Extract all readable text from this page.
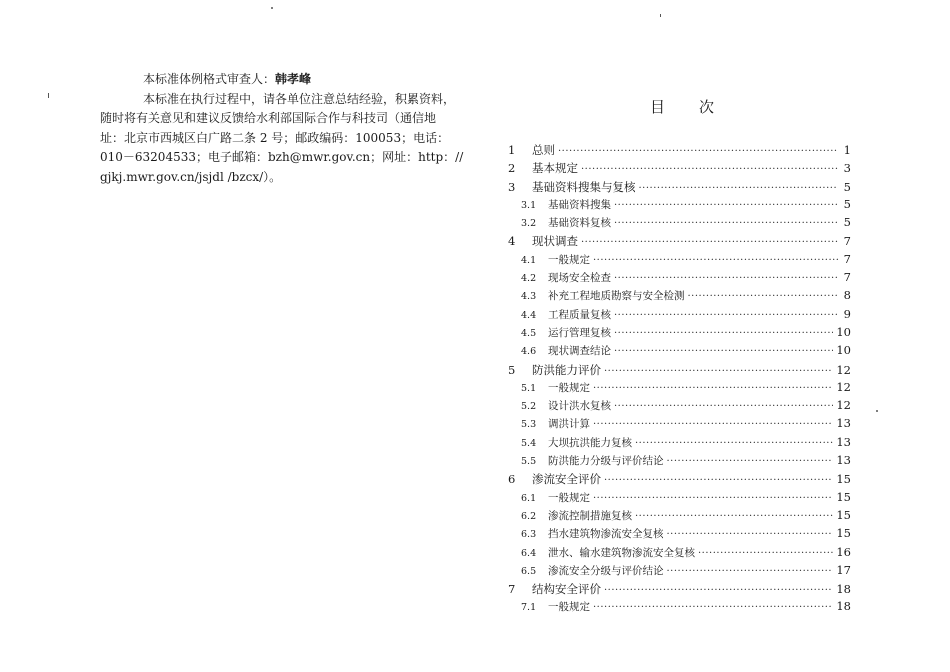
本标准体例格式审查人：韩孝峰
本标准在执行过程中，请各单位注意总结经验，积累资料，
随时将有关意见和建议反馈给水利部国际合作与科技司（通信地
址：北京市西城区白广路二条 2 号；邮政编码：100053；电话：
010－63204533；电子邮箱：bzh@mwr.gov.cn；网址：http：//
gjkj.mwr.gov.cn/jsjdl /bzcx/）。
目次
1	总则 ·····	1
2	基本规定 ·····	3
3	基础资料搜集与复核 ·····	5
3.1	基础资料搜集 ·····	5
3.2	基础资料复核 ·····	5
4	现状调查 ·····	7
4.1	一般规定 ·····	7
4.2	现场安全检查 ·····	7
4.3	补充工程地质勘察与安全检测 ·····	8
4.4	工程质量复核 ·····	9
4.5	运行管理复核 ·····	10
4.6	现状调查结论 ·····	10
5	防洪能力评价 ·····	12
5.1	一般规定 ·····	12
5.2	设计洪水复核 ·····	12
5.3	调洪计算 ·····	13
5.4	大坝抗洪能力复核 ·····	13
5.5	防洪能力分级与评价结论 ·····	13
6	渗流安全评价 ·····	15
6.1	一般规定 ·····	15
6.2	渗流控制措施复核 ·····	15
6.3	挡水建筑物渗流安全复核 ·····	15
6.4	泄水、输水建筑物渗流安全复核 ·····	16
6.5	渗流安全分级与评价结论 ·····	17
7	结构安全评价 ·····	18
7.1	一般规定 ·····	18
